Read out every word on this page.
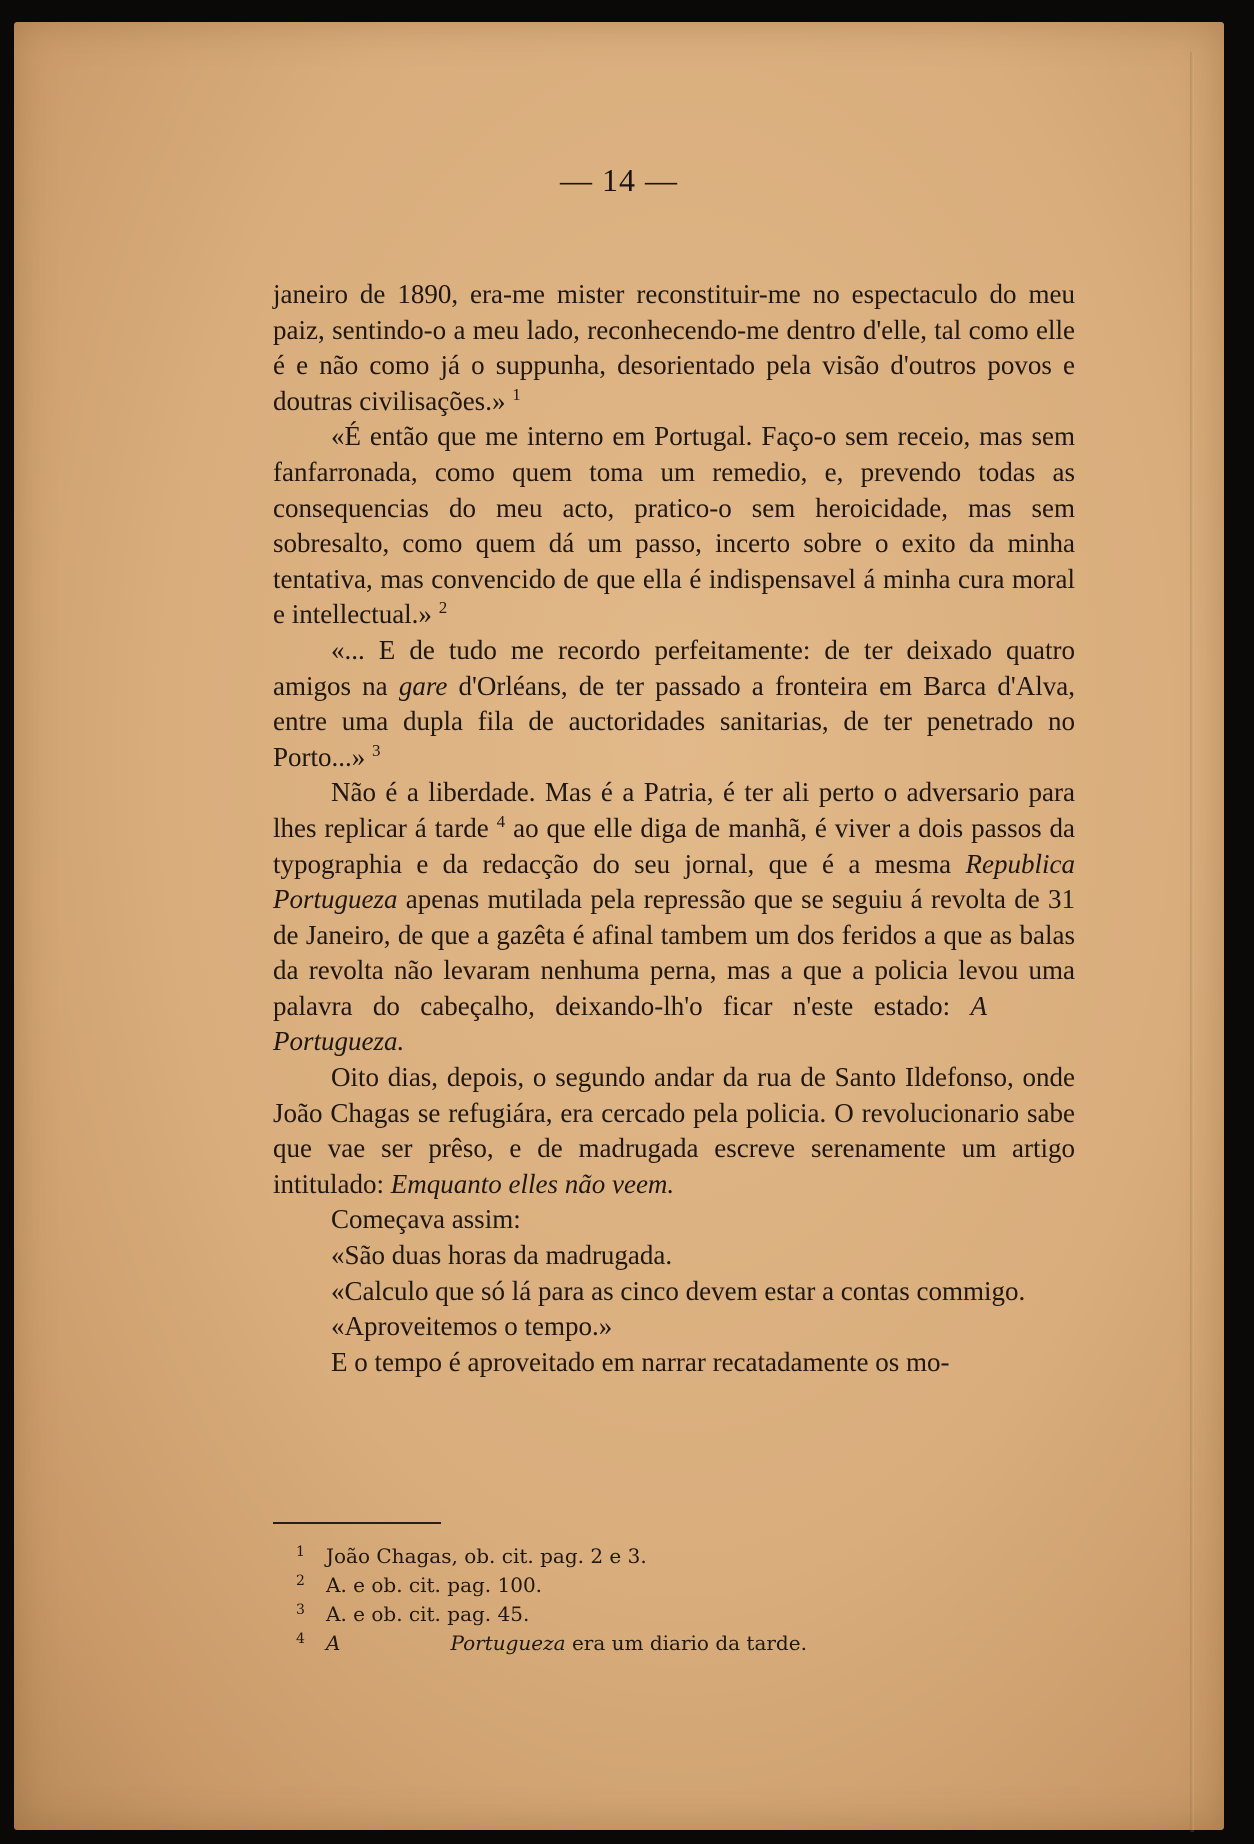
— 14 —

janeiro de 1890, era-me mister reconstituir-me no espectaculo do meu paiz, sentindo-o a meu lado, reconhecendo-me dentro d'elle, tal como elle é e não como já o suppunha, desorientado pela visão d'outros povos e doutras civilisações.» $^1$

«É então que me interno em Portugal. Faço-o sem receio, mas sem fanfarronada, como quem toma um remedio, e, prevendo todas as consequencias do meu acto, pratico-o sem heroicidade, mas sem sobresalto, como quem dá um passo, incerto sobre o exito da minha tentativa, mas convencido de que ella é indispensavel á minha cura moral e intellectual.» $^2$

«... E de tudo me recordo perfeitamente: de ter deixado quatro amigos na gare d'Orléans, de ter passado a fronteira em Barca d'Alva, entre uma dupla fila de auctoridades sanitarias, de ter penetrado no Porto...» $^3$

Não é a liberdade. Mas é a Patria, é ter ali perto o adversario para lhes replicar á tarde $^4$ ao que elle diga de manhã, é viver a dois passos da typographia e da redacção do seu jornal, que é a mesma Republica Portugueza apenas mutilada pela repressão que se seguiu á revolta de 31 de Janeiro, de que a gazêta é afinal tambem um dos feridos a que as balas da revolta não levaram nenhuma perna, mas a que a policia levou uma palavra do cabeçalho, deixando-lh'o ficar n'este estado: APortugueza.

Oito dias, depois, o segundo andar da rua de Santo Ildefonso, onde João Chagas se refugiára, era cercado pela policia. O revolucionario sabe que vae ser prêso, e de madrugada escreve serenamente um artigo intitulado: Emquanto elles não veem.

Começava assim:

«São duas horas da madrugada.

«Calculo que só lá para as cinco devem estar a contas commigo.

«Aproveitemos o tempo.»

E o tempo é aproveitado em narrar recatadamente os mo-

1 João Chagas, ob. cit. pag. 2 e 3.
2 A. e ob. cit. pag. 100.
3 A. e ob. cit. pag. 45.
4 A	Portugueza era um diario da tarde.
